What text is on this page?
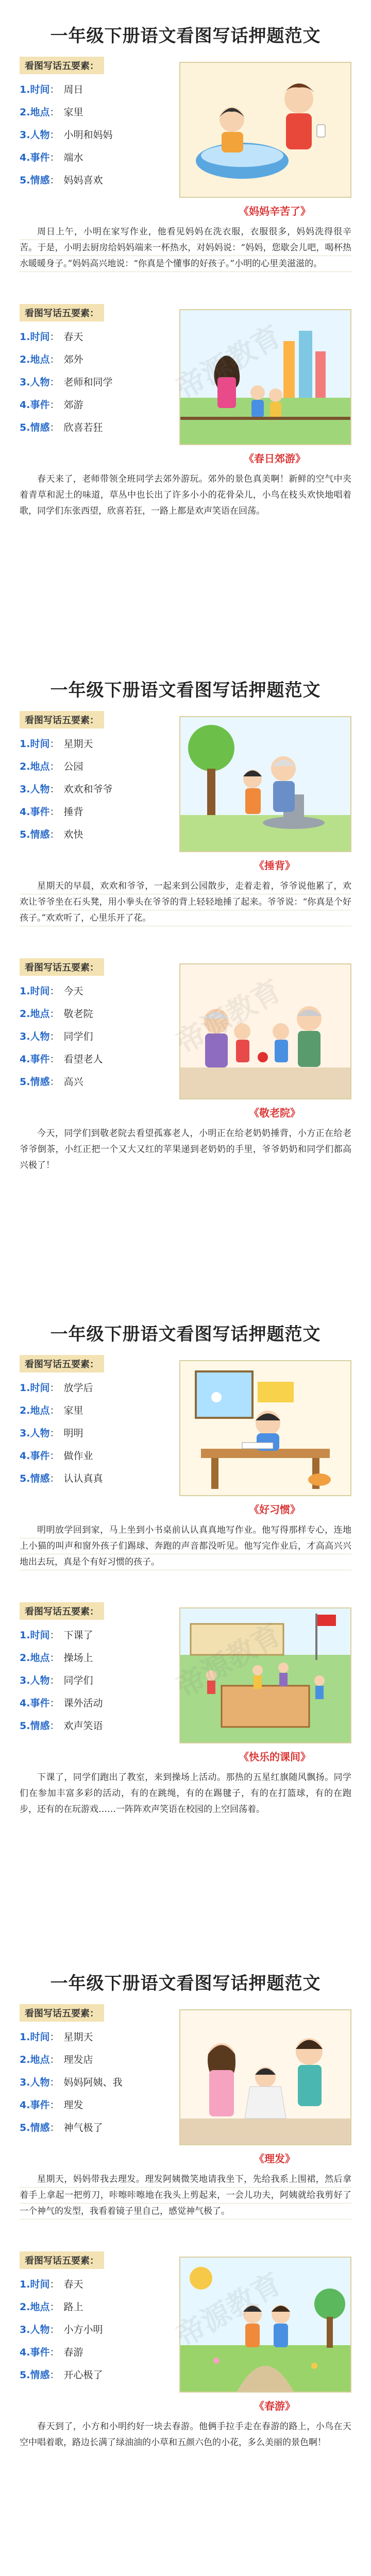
一年级下册语文看图写话押题范文
看图写话五要素：
1.时间： 周日
2.地点： 家里
3.人物： 小明和妈妈
4.事件： 端水
5.情感： 妈妈喜欢
《妈妈辛苦了》

周日上午，小明在家写作业，他看见妈妈在洗衣服，衣服很多，妈妈洗得很辛苦。于是，小明去厨房给妈妈端来一杯热水，对妈妈说：“妈妈，您歇会儿吧，喝杯热水暖暖身子。”妈妈高兴地说：“你真是个懂事的好孩子。”小明的心里美滋滋的。

看图写话五要素：
1.时间： 春天
2.地点： 郊外
3.人物： 老师和同学
4.事件： 郊游
5.情感： 欣喜若狂
《春日郊游》

春天来了，老师带领全班同学去郊外游玩。郊外的景色真美啊！新鲜的空气中夹着青草和泥土的味道，草丛中也长出了许多小小的花骨朵儿，小鸟在枝头欢快地唱着歌，同学们东张西望，欣喜若狂，一路上都是欢声笑语在回荡。

一年级下册语文看图写话押题范文
看图写话五要素：
1.时间： 星期天
2.地点： 公园
3.人物： 欢欢和爷爷
4.事件： 捶背
5.情感： 欢快
《捶背》

星期天的早晨，欢欢和爷爷，一起来到公园散步，走着走着，爷爷说他累了，欢欢让爷爷坐在石头凳，用小拳头在爷爷的背上轻轻地捶了起来。爷爷说：“你真是个好孩子。”欢欢听了，心里乐开了花。

看图写话五要素：
1.时间： 今天
2.地点： 敬老院
3.人物： 同学们
4.事件： 看望老人
5.情感： 高兴
《敬老院》

今天，同学们到敬老院去看望孤寡老人，小明正在给老奶奶捶背，小方正在给老爷爷倒茶，小红正把一个又大又红的苹果递到老奶奶的手里，爷爷奶奶和同学们都高兴极了！

一年级下册语文看图写话押题范文
看图写话五要素：
1.时间： 放学后
2.地点： 家里
3.人物： 明明
4.事件： 做作业
5.情感： 认认真真
《好习惯》

明明放学回到家，马上坐到小书桌前认认真真地写作业。他写得那样专心，连地上小猫的叫声和窗外孩子们踢球、奔跑的声音都没听见。他写完作业后，才高高兴兴地出去玩，真是个有好习惯的孩子。

看图写话五要素：
1.时间： 下课了
2.地点： 操场上
3.人物： 同学们
4.事件： 课外活动
5.情感： 欢声笑语
《快乐的课间》

下课了，同学们跑出了教室，来到操场上活动。那热的五星红旗随风飘扬。同学们在参加丰富多彩的活动，有的在跳绳，有的在踢毽子，有的在打篮球，有的在跑步，还有的在玩游戏……一阵阵欢声笑语在校园的上空回荡着。

一年级下册语文看图写话押题范文
看图写话五要素：
1.时间： 星期天
2.地点： 理发店
3.人物： 妈妈阿姨、我
4.事件： 理发
5.情感： 神气极了
《理发》

星期天，妈妈带我去理发。理发阿姨微笑地请我坐下，先给我系上围裙，然后拿着手上拿起一把剪刀，咔嚓咔嚓地在我头上剪起来，一会儿功夫，阿姨就给我剪好了一个神气的发型，我看着镜子里自己，感觉神气极了。

看图写话五要素：
1.时间： 春天
2.地点： 路上
3.人物： 小方小明
4.事件： 春游
5.情感： 开心极了
《春游》

春天到了，小方和小明约好一块去春游。他俩手拉手走在春游的路上，小鸟在天空中唱着歌，路边长满了绿油油的小草和五颜六色的小花，多么美丽的景色啊！
